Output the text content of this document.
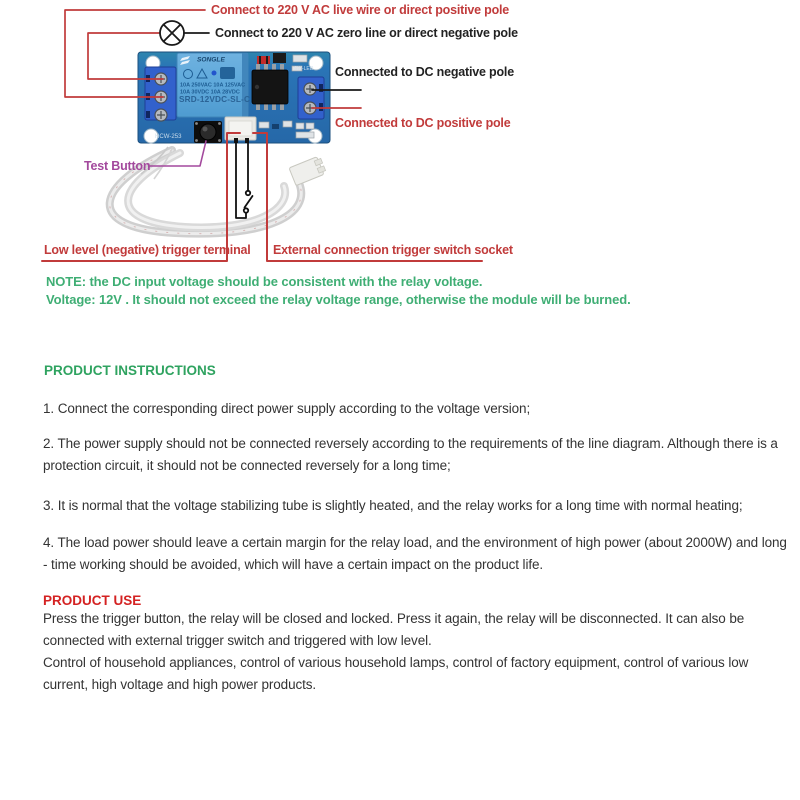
SONGLE
10A 250VAC 10A 125VAC
10A 30VDC 10A 28VDC
SRD-12VDC-SL-C
HCW-253
SW-LED
Connect to 220 V AC live wire or direct positive pole
Connect to 220 V AC zero line or direct negative pole
Connected to DC negative pole
Connected to DC positive pole
Test Button
Low level (negative) trigger terminal External connection trigger switch socket
NOTE: the DC input voltage should be consistent with the relay voltage.
Voltage: 12V . It should not exceed the relay voltage range, otherwise the module will be burned.
PRODUCT INSTRUCTIONS
1. Connect the corresponding direct power supply according to the voltage version;
2. The power supply should not be connected reversely according to the requirements of the line diagram. Although there is a
protection circuit, it should not be connected reversely for a long time;
3. It is normal that the voltage stabilizing tube is slightly heated, and the relay works for a long time with normal heating;
4. The load power should leave a certain margin for the relay load, and the environment of high power (about 2000W) and long
- time working should be avoided, which will have a certain impact on the product life.
PRODUCT USE
Press the trigger button, the relay will be closed and locked. Press it again, the relay will be disconnected. It can also be
connected with external trigger switch and triggered with low level.
Control of household appliances, control of various household lamps, control of factory equipment, control of various low
current, high voltage and high power products.
